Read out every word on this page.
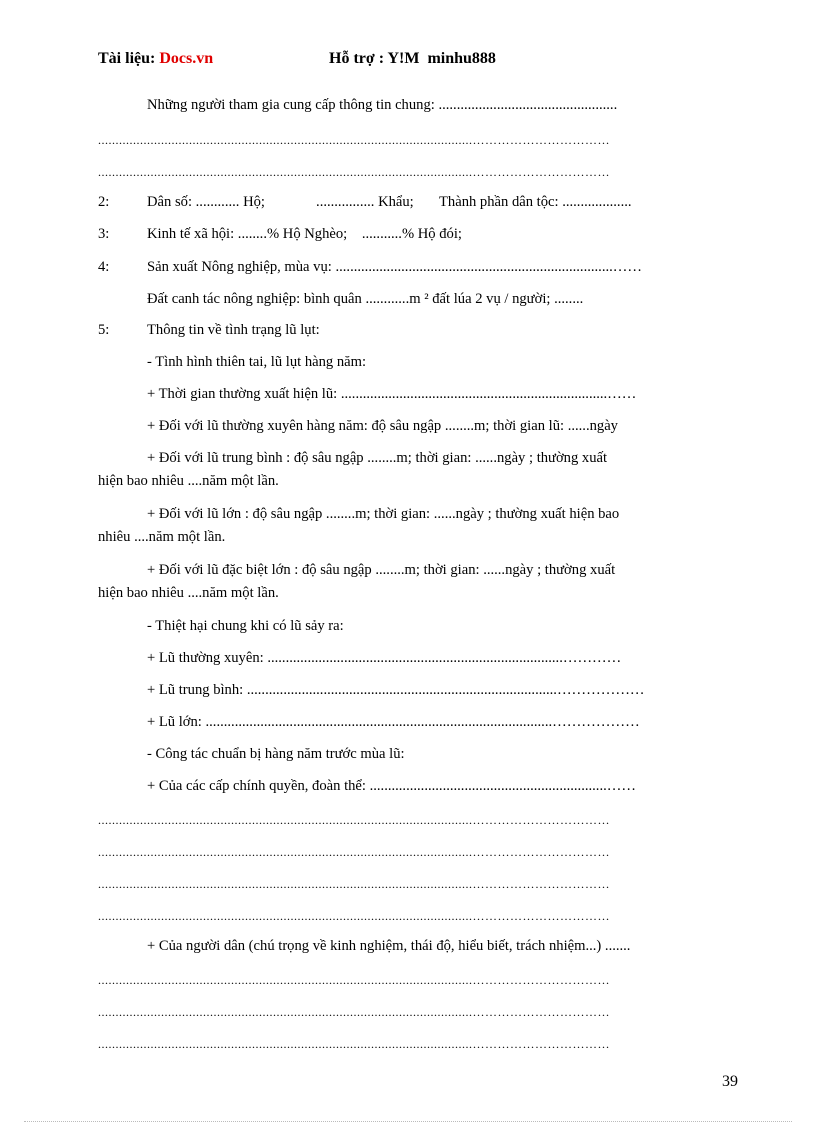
Tài liệu: Docs.vn	Hỗ trợ : Y!M minhu888
Những người tham gia cung cấp thông tin chung: .................................................
...........................................................................................................……………………………
...........................................................................................................……………………………
2:	Dân số: ............ Hộ;              ................ Khẩu;       Thành phần dân tộc: ...................
3:	Kinh tế xã hội: ........% Hộ Nghèo;    ...........% Hộ đói;
4:	Sản xuất Nông nghiệp, mùa vụ: ............................................................................……
Đất canh tác nông nghiệp: bình quân ............m ² đất lúa 2 vụ / người; ........
5:	Thông tin về tình trạng lũ lụt:
- Tình hình thiên tai, lũ lụt hàng năm:
+ Thời gian thường xuất hiện lũ: .........................................................................……
+ Đối với lũ thường xuyên hàng năm: độ sâu ngập ........m; thời gian lũ: ......ngày
+ Đối với lũ trung bình : độ sâu ngập ........m; thời gian: ......ngày ; thường xuất
hiện bao nhiêu ....năm một lần.
+ Đối với lũ lớn : độ sâu ngập ........m; thời gian: ......ngày ; thường xuất hiện bao
nhiêu ....năm một lần.
+ Đối với lũ đặc biệt lớn : độ sâu ngập ........m; thời gian: ......ngày ; thường xuất
hiện bao nhiêu ....năm một lần.
- Thiệt hại chung khi có lũ sảy ra:
+ Lũ thường xuyên: .................................................................................…………
+ Lũ trung bình: .....................................................................................………………
+ Lũ lớn: ...............................................................................................………………
- Công tác chuẩn bị hàng năm trước mùa lũ:
+ Của các cấp chính quyền, đoàn thể: .................................................................……
...........................................................................................................……………………………
...........................................................................................................……………………………
...........................................................................................................……………………………
...........................................................................................................……………………………
+ Của người dân (chú trọng về kinh nghiệm, thái độ, hiểu biết, trách nhiệm...) .......
...........................................................................................................……………………………
...........................................................................................................……………………………
...........................................................................................................……………………………
39
